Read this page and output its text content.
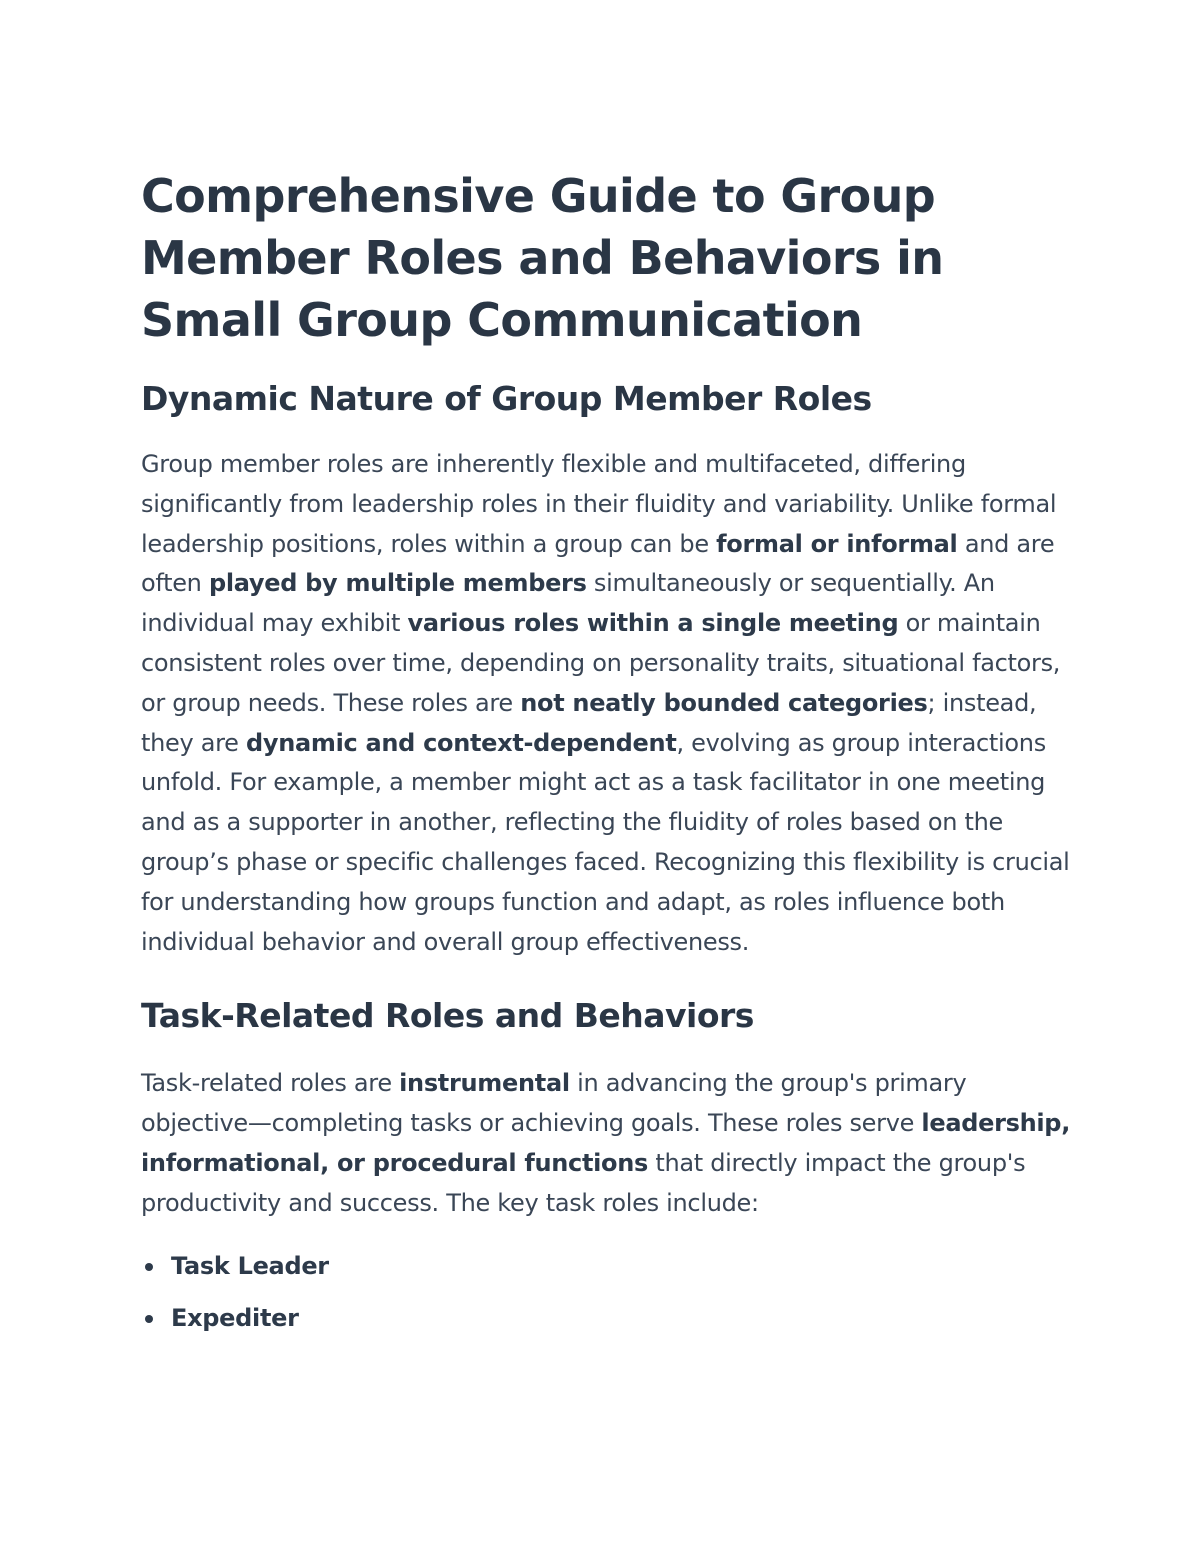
Comprehensive Guide to Group Member Roles and Behaviors in Small Group Communication
Dynamic Nature of Group Member Roles

Group member roles are inherently flexible and multifaceted, differing significantly from leadership roles in their fluidity and variability. Unlike formal leadership positions, roles within a group can be formal or informal and are often played by multiple members simultaneously or sequentially. An individual may exhibit various roles within a single meeting or maintain consistent roles over time, depending on personality traits, situational factors, or group needs. These roles are not neatly bounded categories; instead, they are dynamic and context-dependent, evolving as group interactions unfold. For example, a member might act as a task facilitator in one meeting and as a supporter in another, reflecting the fluidity of roles based on the group’s phase or specific challenges faced. Recognizing this flexibility is crucial for understanding how groups function and adapt, as roles influence both individual behavior and overall group effectiveness.

Task-Related Roles and Behaviors

Task-related roles are instrumental in advancing the group's primary objective—completing tasks or achieving goals. These roles serve leadership, informational, or procedural functions that directly impact the group's productivity and success. The key task roles include:

Task Leader
Expediter
